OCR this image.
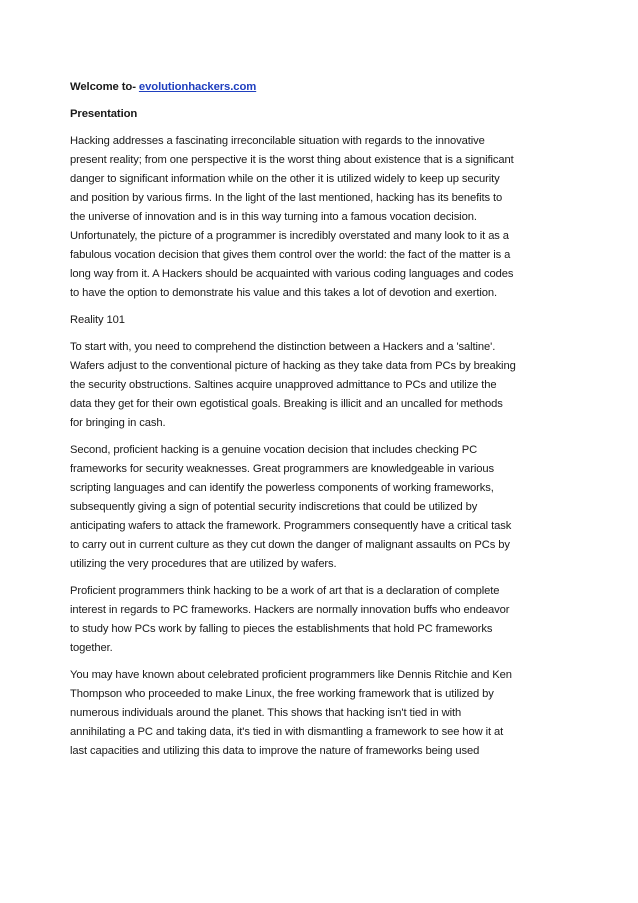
Welcome to- evolutionhackers.com
Presentation
Hacking addresses a fascinating irreconcilable situation with regards to the innovative
present reality; from one perspective it is the worst thing about existence that is a significant
danger to significant information while on the other it is utilized widely to keep up security
and position by various firms. In the light of the last mentioned, hacking has its benefits to
the universe of innovation and is in this way turning into a famous vocation decision.
Unfortunately, the picture of a programmer is incredibly overstated and many look to it as a
fabulous vocation decision that gives them control over the world: the fact of the matter is a
long way from it. A Hackers should be acquainted with various coding languages and codes
to have the option to demonstrate his value and this takes a lot of devotion and exertion.
Reality 101
To start with, you need to comprehend the distinction between a Hackers and a 'saltine'.
Wafers adjust to the conventional picture of hacking as they take data from PCs by breaking
the security obstructions. Saltines acquire unapproved admittance to PCs and utilize the
data they get for their own egotistical goals. Breaking is illicit and an uncalled for methods
for bringing in cash.
Second, proficient hacking is a genuine vocation decision that includes checking PC
frameworks for security weaknesses. Great programmers are knowledgeable in various
scripting languages and can identify the powerless components of working frameworks,
subsequently giving a sign of potential security indiscretions that could be utilized by
anticipating wafers to attack the framework. Programmers consequently have a critical task
to carry out in current culture as they cut down the danger of malignant assaults on PCs by
utilizing the very procedures that are utilized by wafers.
Proficient programmers think hacking to be a work of art that is a declaration of complete
interest in regards to PC frameworks. Hackers are normally innovation buffs who endeavor
to study how PCs work by falling to pieces the establishments that hold PC frameworks
together.
You may have known about celebrated proficient programmers like Dennis Ritchie and Ken
Thompson who proceeded to make Linux, the free working framework that is utilized by
numerous individuals around the planet. This shows that hacking isn't tied in with
annihilating a PC and taking data, it's tied in with dismantling a framework to see how it at
last capacities and utilizing this data to improve the nature of frameworks being used
